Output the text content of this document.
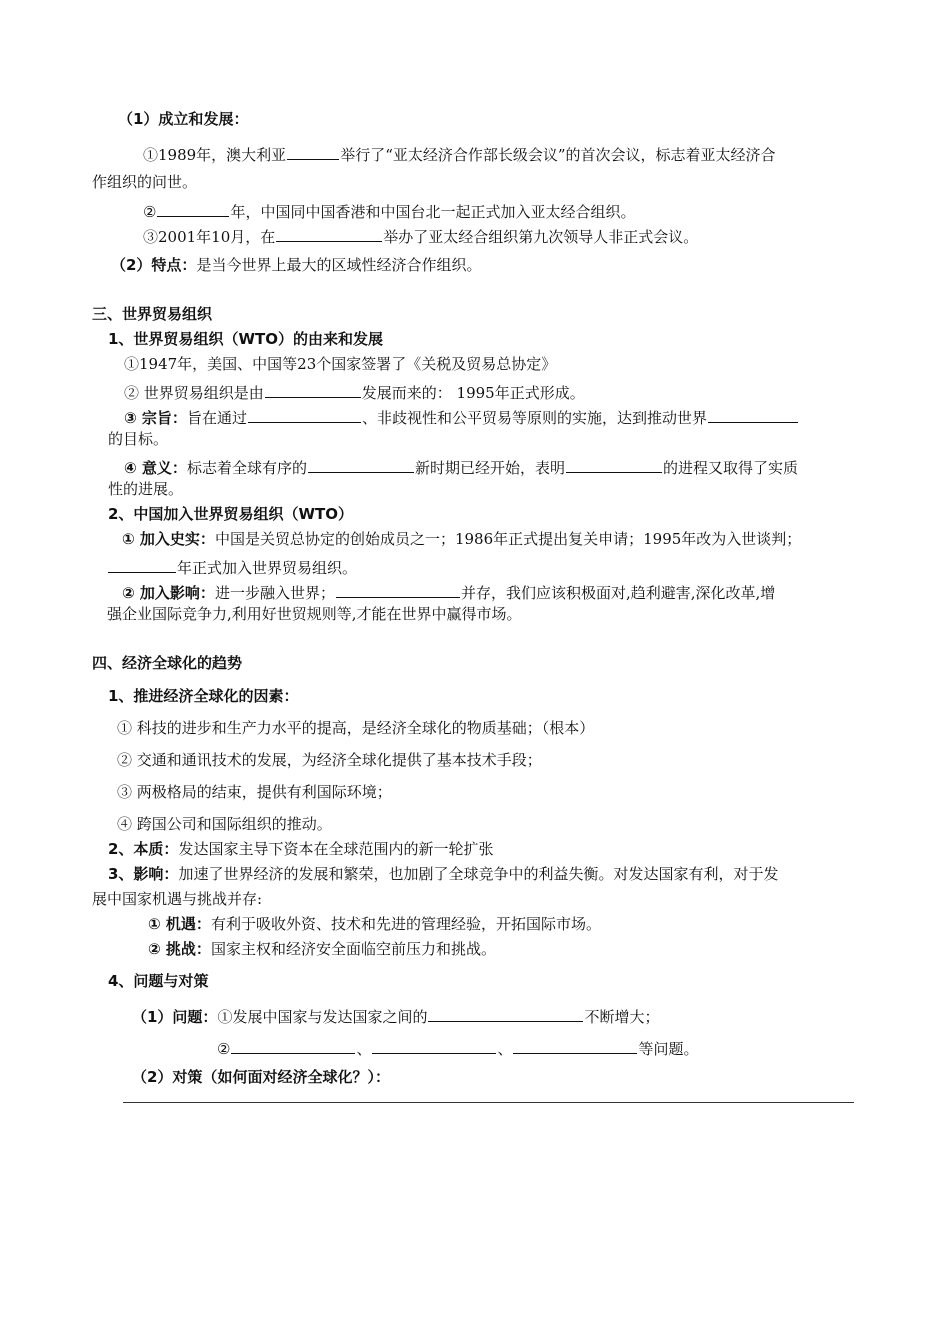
（1）成立和发展：
①1989年，澳大利亚	举行了“亚太经济合作部长级会议”的首次会议，标志着亚太经济合
作组织的问世。
②	年，中国同中国香港和中国台北一起正式加入亚太经合组织。
③2001年10月，在	举办了亚太经合组织第九次领导人非正式会议。
（2）特点：是当今世界上最大的区域性经济合作组织。
三、世界贸易组织
1、世界贸易组织（WTO）的由来和发展
①1947年，美国、中国等23个国家签署了《关税及贸易总协定》
② 世界贸易组织是由	发展而来的： 1995年正式形成。
③ 宗旨：旨在通过	、非歧视性和公平贸易等原则的实施，达到推动世界
的目标。
④ 意义：标志着全球有序的	新时期已经开始，表明	的进程又取得了实质
性的进展。
2、中国加入世界贸易组织（WTO）
① 加入史实：中国是关贸总协定的创始成员之一；1986年正式提出复关申请；1995年改为入世谈判；
年正式加入世界贸易组织。
② 加入影响：进一步融入世界；	并存，我们应该积极面对,趋利避害,深化改革,增
强企业国际竞争力,利用好世贸规则等,才能在世界中赢得市场。
四、经济全球化的趋势
1、推进经济全球化的因素：
① 科技的进步和生产力水平的提高，是经济全球化的物质基础；（根本）
② 交通和通讯技术的发展，为经济全球化提供了基本技术手段；
③ 两极格局的结束，提供有利国际环境；
④ 跨国公司和国际组织的推动。
2、本质：发达国家主导下资本在全球范围内的新一轮扩张
3、影响：加速了世界经济的发展和繁荣，也加剧了全球竞争中的利益失衡。对发达国家有利，对于发
展中国家机遇与挑战并存:
① 机遇：有利于吸收外资、技术和先进的管理经验，开拓国际市场。
② 挑战：国家主权和经济安全面临空前压力和挑战。
4、问题与对策
（1）问题：①发展中国家与发达国家之间的	不断增大；
②	、	、	等问题。
（2）对策（如何面对经济全球化？）：
